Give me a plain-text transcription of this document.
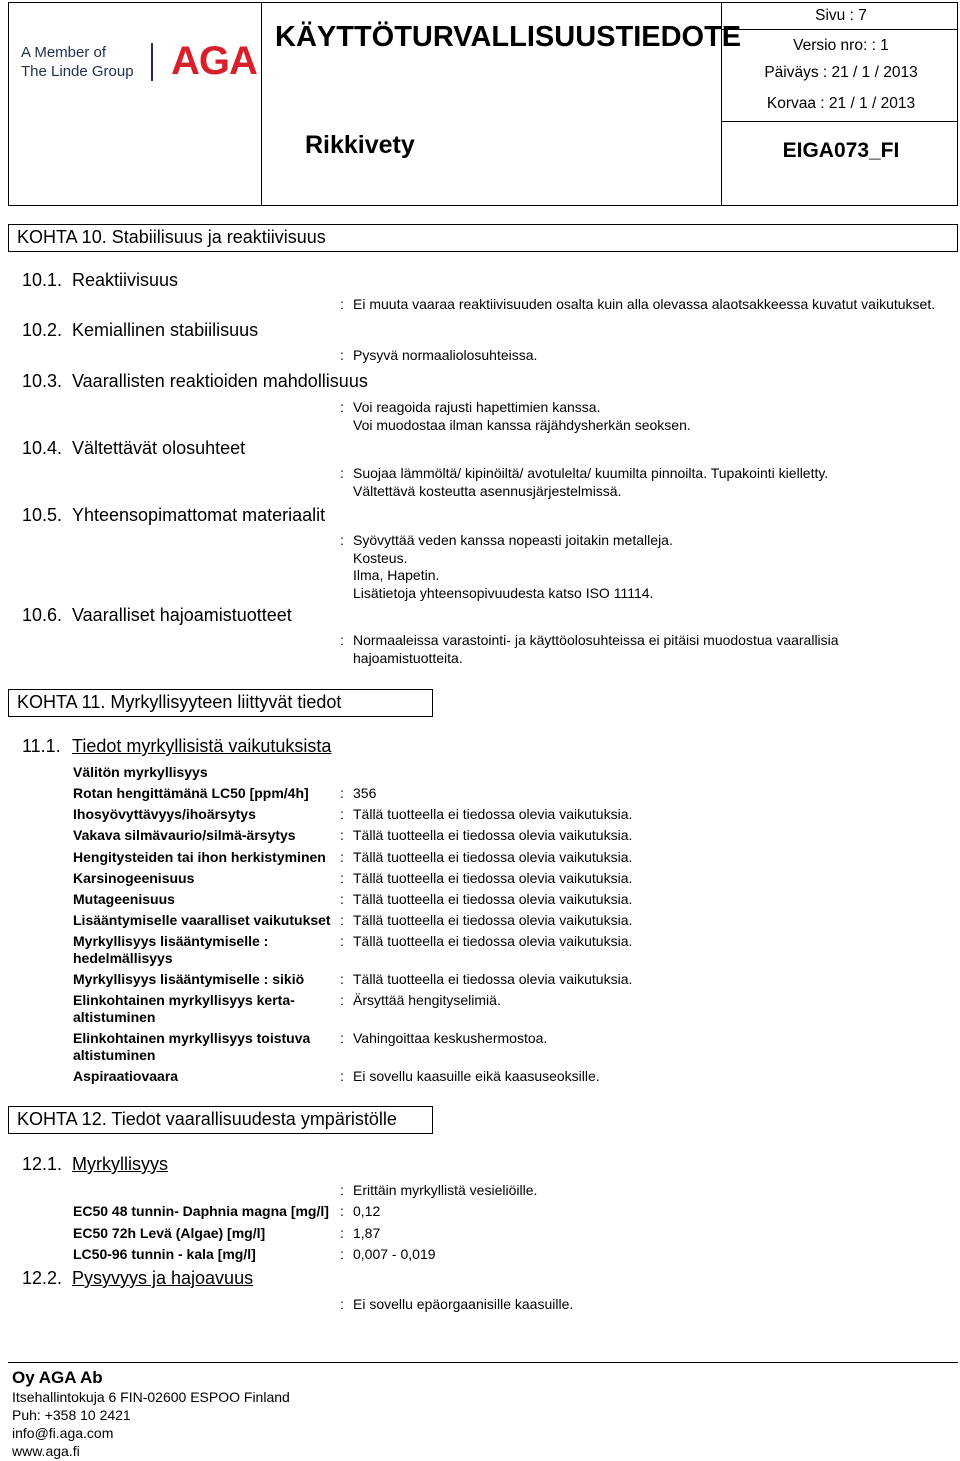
A Member of
The Linde Group AGA
KÄYTTÖTURVALLISUUSTIEDOTE
Rikkivety
Sivu : 7
Versio nro: : 1
Päiväys : 21 / 1 / 2013
Korvaa : 21 / 1 / 2013
EIGA073_FI
KOHTA 10. Stabiilisuus ja reaktiivisuus
10.1. Reaktiivisuus
: Ei muuta vaaraa reaktiivisuuden osalta kuin alla olevassa alaotsakkeessa kuvatut vaikutukset.
10.2. Kemiallinen stabiilisuus
: Pysyvä normaaliolosuhteissa.
10.3. Vaarallisten reaktioiden mahdollisuus
: Voi reagoida rajusti hapettimien kanssa.
Voi muodostaa ilman kanssa räjähdysherkän seoksen.
10.4. Vältettävät olosuhteet
: Suojaa lämmöltä/ kipinöiltä/ avotulelta/ kuumilta pinnoilta. Tupakointi kielletty.
Vältettävä kosteutta asennusjärjestelmissä.
10.5. Yhteensopimattomat materiaalit
: Syövyttää veden kanssa nopeasti joitakin metalleja.
Kosteus.
Ilma, Hapetin.
Lisätietoja yhteensopivuudesta katso ISO 11114.
10.6. Vaaralliset hajoamistuotteet
: Normaaleissa varastointi- ja käyttöolosuhteissa ei pitäisi muodostua vaarallisia
hajoamistuotteita.
KOHTA 11. Myrkyllisyyteen liittyvät tiedot
11.1. Tiedot myrkyllisistä vaikutuksista
Välitön myrkyllisyys
Rotan hengittämänä LC50 [ppm/4h] : 356
Ihosyövyttävyys/ihoärsytys	: Tällä tuotteella ei tiedossa olevia vaikutuksia.
Vakava silmävaurio/silmä-ärsytys	: Tällä tuotteella ei tiedossa olevia vaikutuksia.
Hengitysteiden tai ihon herkistyminen : Tällä tuotteella ei tiedossa olevia vaikutuksia.
Karsinogeenisuus	: Tällä tuotteella ei tiedossa olevia vaikutuksia.
Mutageenisuus	: Tällä tuotteella ei tiedossa olevia vaikutuksia.
Lisääntymiselle vaaralliset vaikutukset : Tällä tuotteella ei tiedossa olevia vaikutuksia.
Myrkyllisyys lisääntymiselle :
hedelmällisyys
: Tällä tuotteella ei tiedossa olevia vaikutuksia.
Myrkyllisyys lisääntymiselle : sikiö	: Tällä tuotteella ei tiedossa olevia vaikutuksia.
Elinkohtainen myrkyllisyys kerta-
altistuminen
: Ärsyttää hengityselimiä.
Elinkohtainen myrkyllisyys toistuva
altistuminen
: Vahingoittaa keskushermostoa.
Aspiraatiovaara	: Ei sovellu kaasuille eikä kaasuseoksille.
KOHTA 12. Tiedot vaarallisuudesta ympäristölle
12.1. Myrkyllisyys
: Erittäin myrkyllistä vesieliöille.
EC50 48 tunnin- Daphnia magna [mg/l] : 0,12
EC50 72h Levä (Algae) [mg/l]	: 1,87
LC50-96 tunnin - kala [mg/l]	: 0,007 - 0,019
12.2. Pysyvyys ja hajoavuus
: Ei sovellu epäorgaanisille kaasuille.
Oy AGA Ab
Itsehallintokuja 6 FIN-02600 ESPOO Finland
Puh: +358 10 2421
info@fi.aga.com
www.aga.fi
